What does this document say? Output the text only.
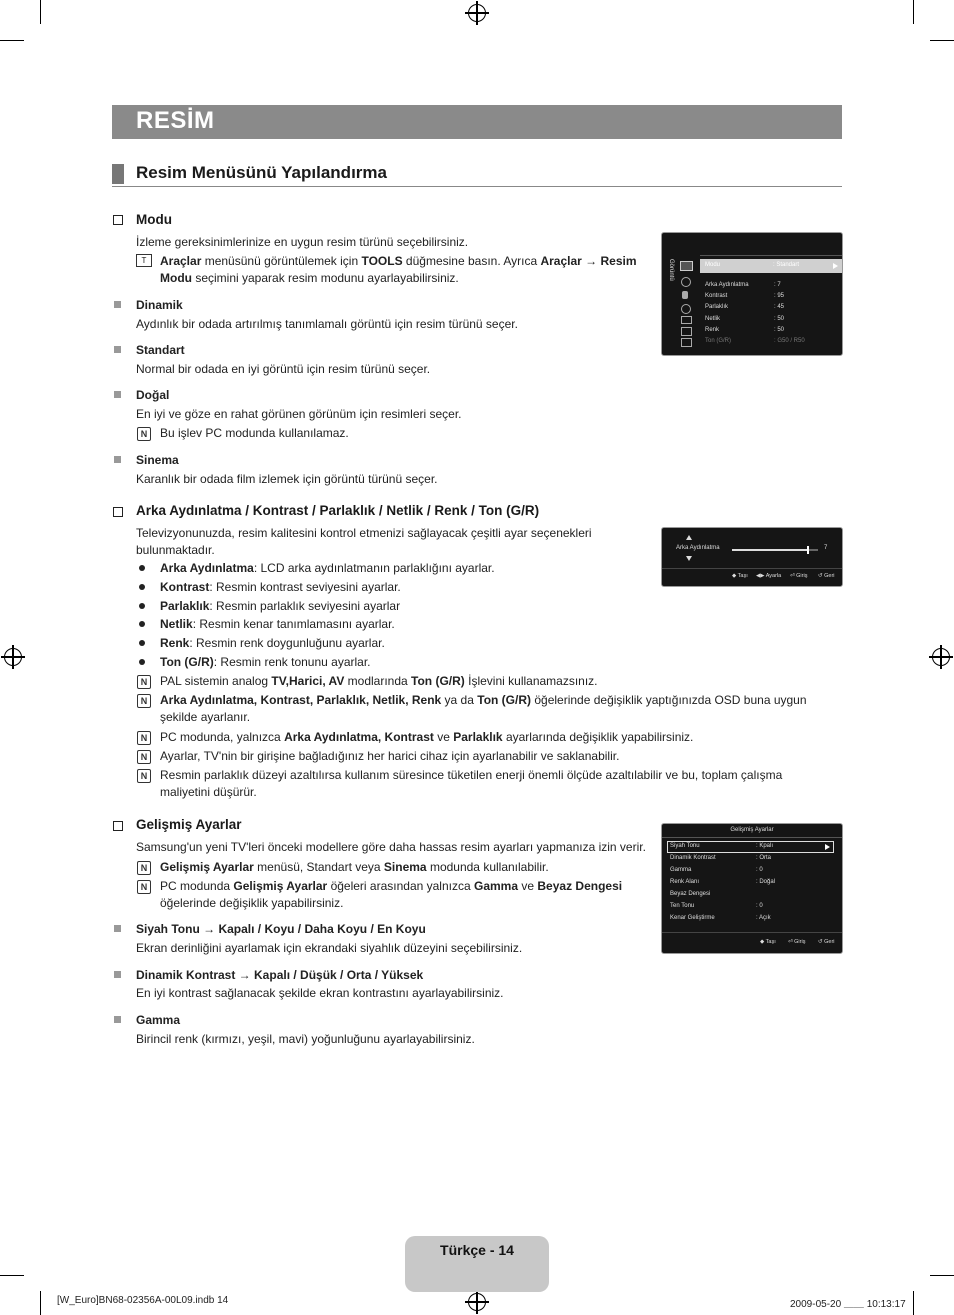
RESİM
Resim Menüsünü Yapılandırma
Modu
İzleme gereksinimlerinize en uygun resim türünü seçebilirsiniz.
T	Araçlar menüsünü görüntülemek için TOOLS düğmesine basın. Ayrıca Araçlar → Resim
Modu seçimini yaparak resim modunu ayarlayabilirsiniz.
Dinamik
Aydınlık bir odada artırılmış tanımlamalı görüntü için resim türünü seçer.
Standart
Normal bir odada en iyi görüntü için resim türünü seçer.
Doğal
En iyi ve göze en rahat görünen görünüm için resimleri seçer.
N	Bu işlev PC modunda kullanılamaz.
Sinema
Karanlık bir odada film izlemek için görüntü türünü seçer.
Görüntü	Modu	: Standart
Arka Aydınlatma	: 7
Kontrast	: 95
Parlaklık	: 45
Netlik	: 50
Renk	: 50
Ton (G/R)	: G50 / R50
Arka Aydınlatma / Kontrast / Parlaklık / Netlik / Renk / Ton (G/R)
Televizyonunuzda, resim kalitesini kontrol etmenizi sağlayacak çeşitli ayar seçenekleri
bulunmaktadır.
Arka Aydınlatma: LCD arka aydınlatmanın parlaklığını ayarlar.
Kontrast: Resmin kontrast seviyesini ayarlar.
Parlaklık: Resmin parlaklık seviyesini ayarlar
Netlik: Resmin kenar tanımlamasını ayarlar.
Renk: Resmin renk doygunluğunu ayarlar.
Ton (G/R): Resmin renk tonunu ayarlar.
N	PAL sistemin analog TV,Harici, AV modlarında Ton (G/R) İşlevini kullanamazsınız.
N	Arka Aydınlatma, Kontrast, Parlaklık, Netlik, Renk ya da Ton (G/R) öğelerinde değişiklik yaptığınızda OSD buna uygun
şekilde ayarlanır.
N	PC modunda, yalnızca Arka Aydınlatma, Kontrast ve Parlaklık ayarlarında değişiklik yapabilirsiniz.
N	Ayarlar, TV'nin bir girişine bağladığınız her harici cihaz için ayarlanabilir ve saklanabilir.
N	Resmin parlaklık düzeyi azaltılırsa kullanım süresince tüketilen enerji önemli ölçüde azaltılabilir ve bu, toplam çalışma
maliyetini düşürür.
Arka Aydınlatma	7
◆ Taşı ◀▶ Ayarla ⏎ Giriş ↺ Geri
Gelişmiş Ayarlar
Samsung'un yeni TV'leri önceki modellere göre daha hassas resim ayarları yapmanıza izin verir.
N	Gelişmiş Ayarlar menüsü, Standart veya Sinema modunda kullanılabilir.
N	PC modunda Gelişmiş Ayarlar öğeleri arasından yalnızca Gamma ve Beyaz Dengesi
öğelerinde değişiklik yapabilirsiniz.
Siyah Tonu → Kapalı / Koyu / Daha Koyu / En Koyu
Ekran derinliğini ayarlamak için ekrandaki siyahlık düzeyini seçebilirsiniz.
Dinamik Kontrast → Kapalı / Düşük / Orta / Yüksek
En iyi kontrast sağlanacak şekilde ekran kontrastını ayarlayabilirsiniz.
Gamma
Birincil renk (kırmızı, yeşil, mavi) yoğunluğunu ayarlayabilirsiniz.
Gelişmiş Ayarlar
Siyah Tonu	: Kpalı
Dinamik Kontrast	: Orta
Gamma	: 0
Renk Alanı	: Doğal
Beyaz Dengesi
Ten Tonu	: 0
Kenar Geliştirme	: Açık
◆ Taşı ⏎ Giriş ↺ Geri
Türkçe - 14
[W_Euro]BN68-02356A-00L09.indb 14	2009-05-20 ＿＿ 10:13:17
